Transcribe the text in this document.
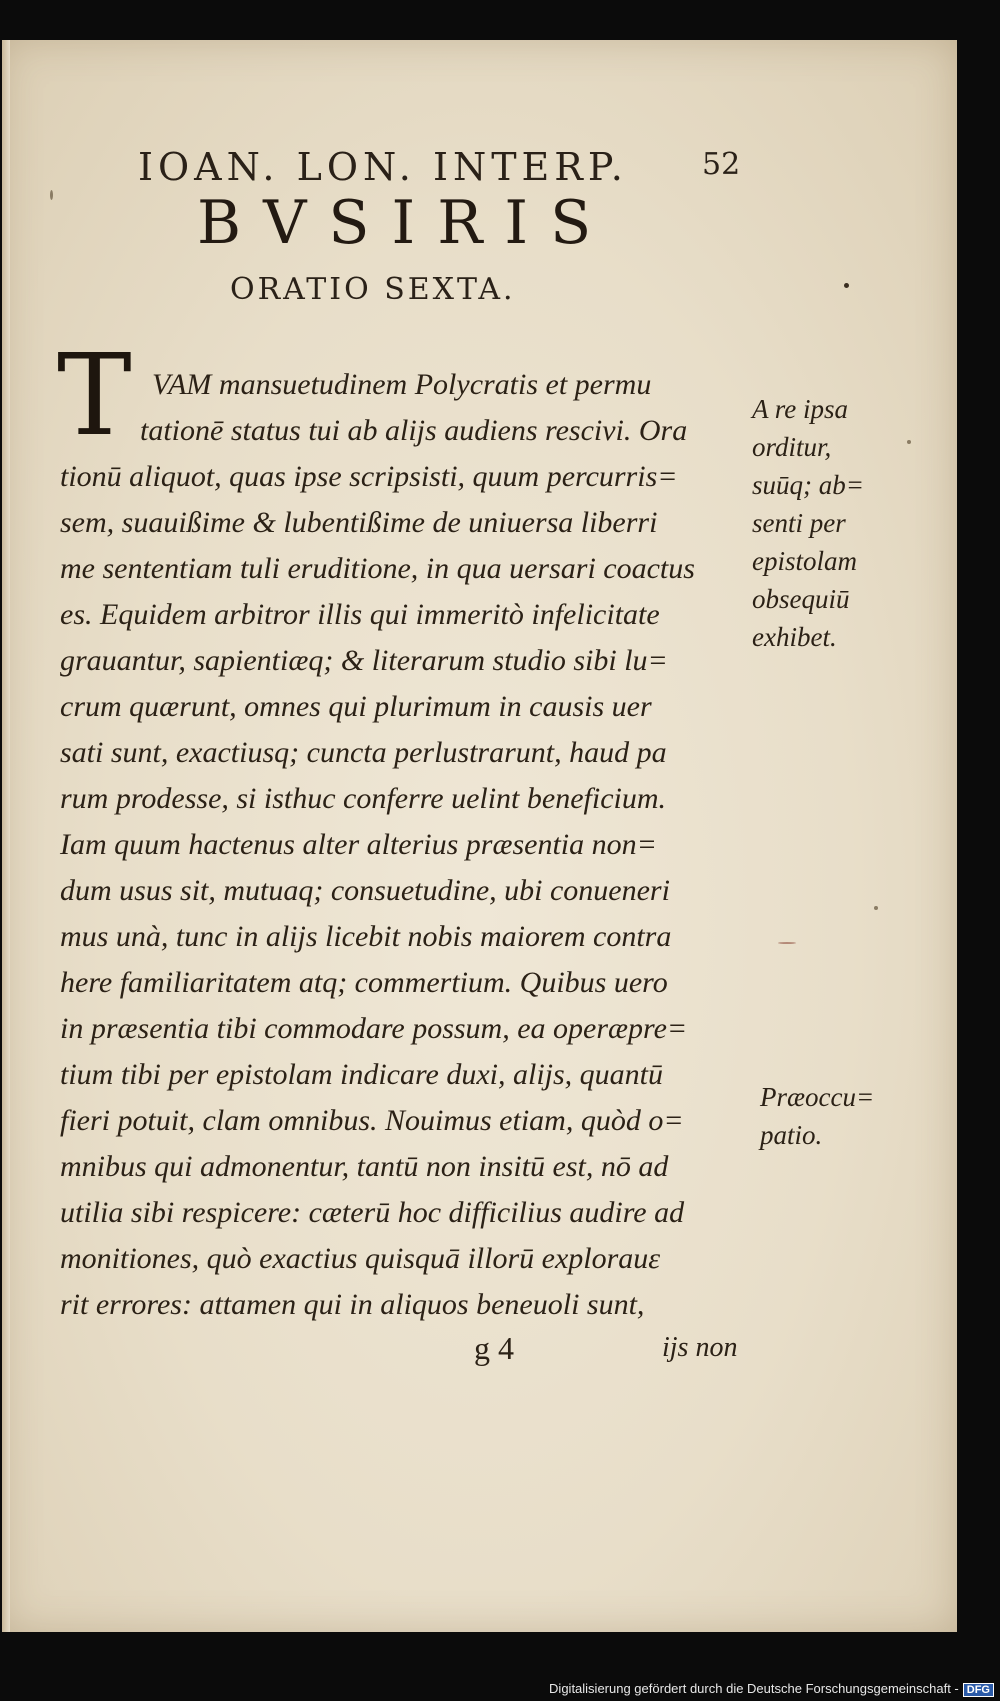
IOAN. LON. INTERP. 52
BVSIRIS
ORATIO SEXTA.
T VAM mansuetudinem Polycratis et permu
tationē status tui ab alijs audiens rescivi. Ora
tionū aliquot, quas ipse scripsisti, quum percurris=
sem, suauißime & lubentißime de uniuersa liberri
me sententiam tuli eruditione, in qua uersari coactus
es. Equidem arbitror illis qui immeritò infelicitate
grauantur, sapientiæq; & literarum studio sibi lu=
crum quærunt, omnes qui plurimum in causis uer
sati sunt, exactiusq; cuncta perlustrarunt, haud pa
rum prodesse, si isthuc conferre uelint beneficium.
Iam quum hactenus alter alterius præsentia non=
dum usus sit, mutuaq; consuetudine, ubi conueneri
mus unà, tunc in alijs licebit nobis maiorem contra
here familiaritatem atq; commertium. Quibus uero
in præsentia tibi commodare possum, ea operæpre=
tium tibi per epistolam indicare duxi, alijs, quantū
fieri potuit, clam omnibus. Nouimus etiam, quòd o=
mnibus qui admonentur, tantū non insitū est, nō ad
utilia sibi respicere: cæterū hoc difficilius audire ad
monitiones, quò exactius quisquā illorū explorauε
rit errores: attamen qui in aliquos beneuoli sunt,
A re ipsa
orditur,
suūq; ab=
senti per
epistolam
obsequiū
exhibet.
Præoccu=
patio.
g 4	ijs non
Digitalisierung gefördert durch die Deutsche Forschungsgemeinschaft - DFG
